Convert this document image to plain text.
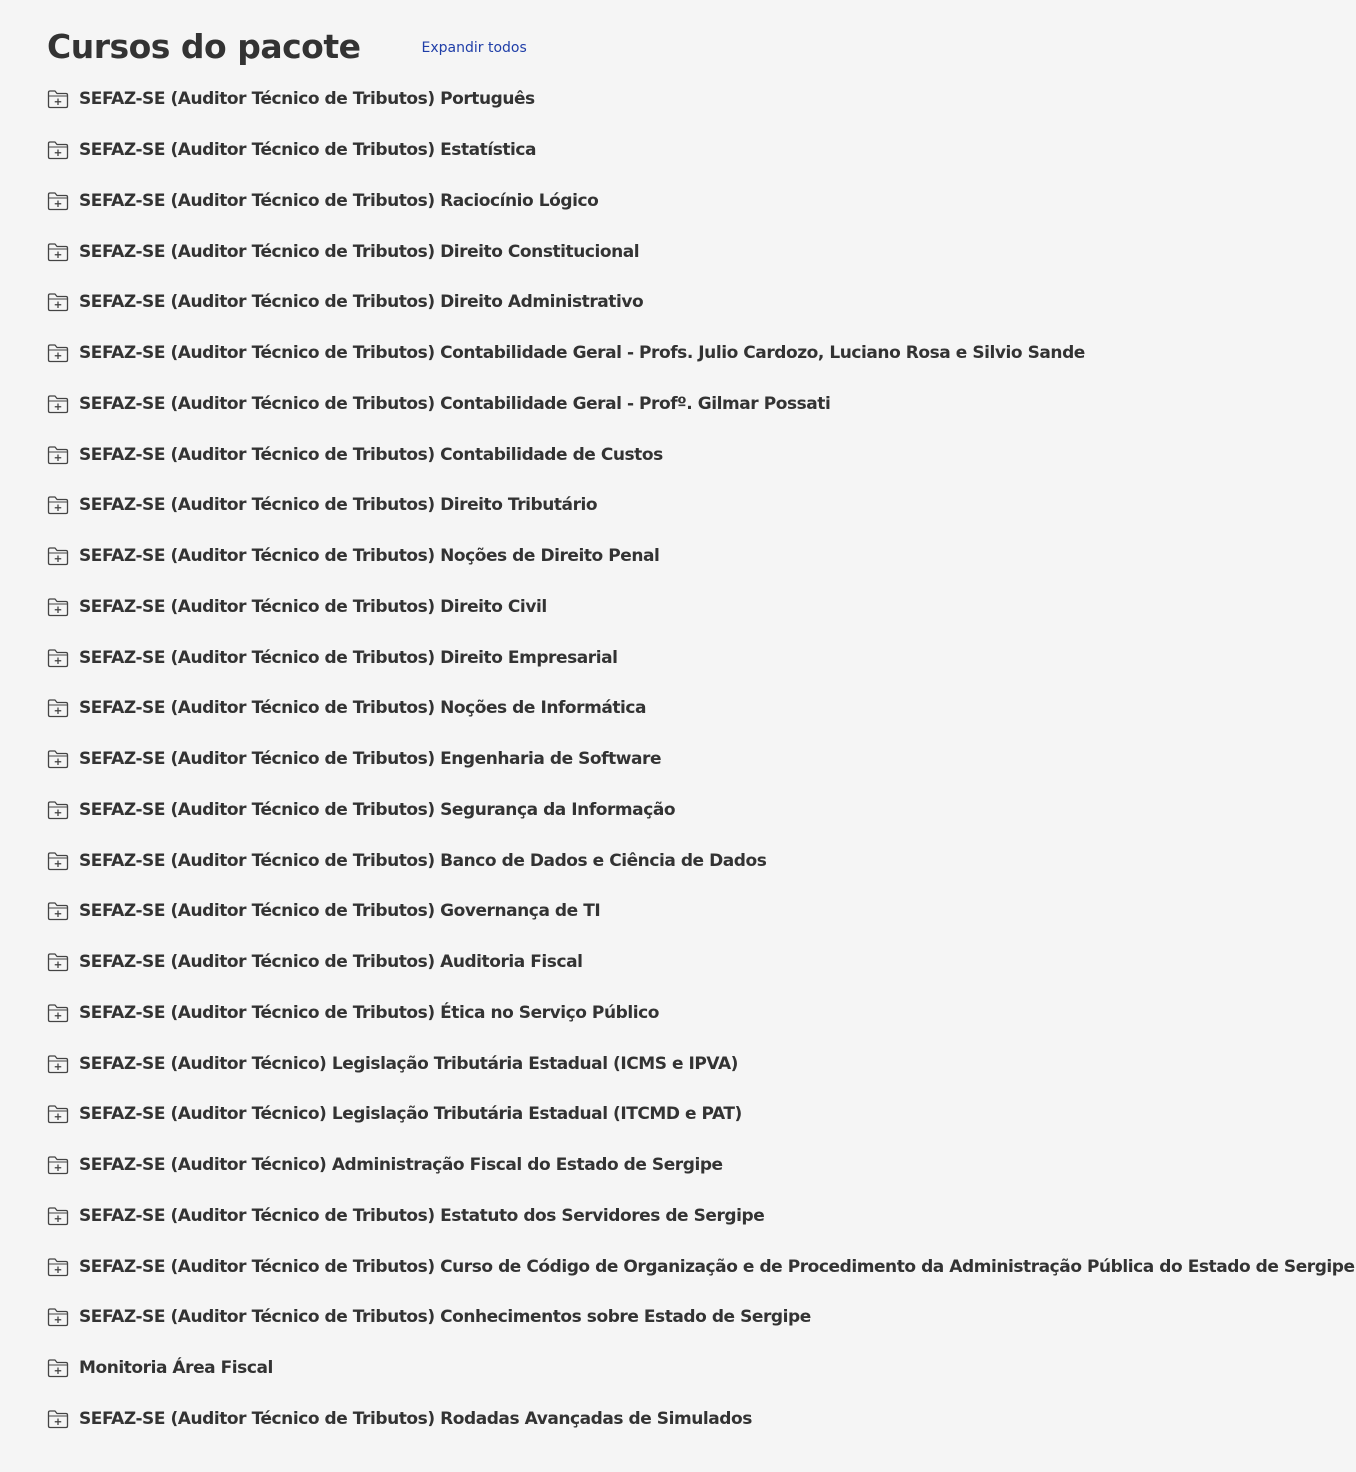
Cursos do pacote	Expandir todos
SEFAZ-SE (Auditor Técnico de Tributos) Português
SEFAZ-SE (Auditor Técnico de Tributos) Estatística
SEFAZ-SE (Auditor Técnico de Tributos) Raciocínio Lógico
SEFAZ-SE (Auditor Técnico de Tributos) Direito Constitucional
SEFAZ-SE (Auditor Técnico de Tributos) Direito Administrativo
SEFAZ-SE (Auditor Técnico de Tributos) Contabilidade Geral - Profs. Julio Cardozo, Luciano Rosa e Silvio Sande
SEFAZ-SE (Auditor Técnico de Tributos) Contabilidade Geral - Profº. Gilmar Possati
SEFAZ-SE (Auditor Técnico de Tributos) Contabilidade de Custos
SEFAZ-SE (Auditor Técnico de Tributos) Direito Tributário
SEFAZ-SE (Auditor Técnico de Tributos) Noções de Direito Penal
SEFAZ-SE (Auditor Técnico de Tributos) Direito Civil
SEFAZ-SE (Auditor Técnico de Tributos) Direito Empresarial
SEFAZ-SE (Auditor Técnico de Tributos) Noções de Informática
SEFAZ-SE (Auditor Técnico de Tributos) Engenharia de Software
SEFAZ-SE (Auditor Técnico de Tributos) Segurança da Informação
SEFAZ-SE (Auditor Técnico de Tributos) Banco de Dados e Ciência de Dados
SEFAZ-SE (Auditor Técnico de Tributos) Governança de TI
SEFAZ-SE (Auditor Técnico de Tributos) Auditoria Fiscal
SEFAZ-SE (Auditor Técnico de Tributos) Ética no Serviço Público
SEFAZ-SE (Auditor Técnico) Legislação Tributária Estadual (ICMS e IPVA)
SEFAZ-SE (Auditor Técnico) Legislação Tributária Estadual (ITCMD e PAT)
SEFAZ-SE (Auditor Técnico) Administração Fiscal do Estado de Sergipe
SEFAZ-SE (Auditor Técnico de Tributos) Estatuto dos Servidores de Sergipe
SEFAZ-SE (Auditor Técnico de Tributos) Curso de Código de Organização e de Procedimento da Administração Pública do Estado de Sergipe
SEFAZ-SE (Auditor Técnico de Tributos) Conhecimentos sobre Estado de Sergipe
Monitoria Área Fiscal
SEFAZ-SE (Auditor Técnico de Tributos) Rodadas Avançadas de Simulados
